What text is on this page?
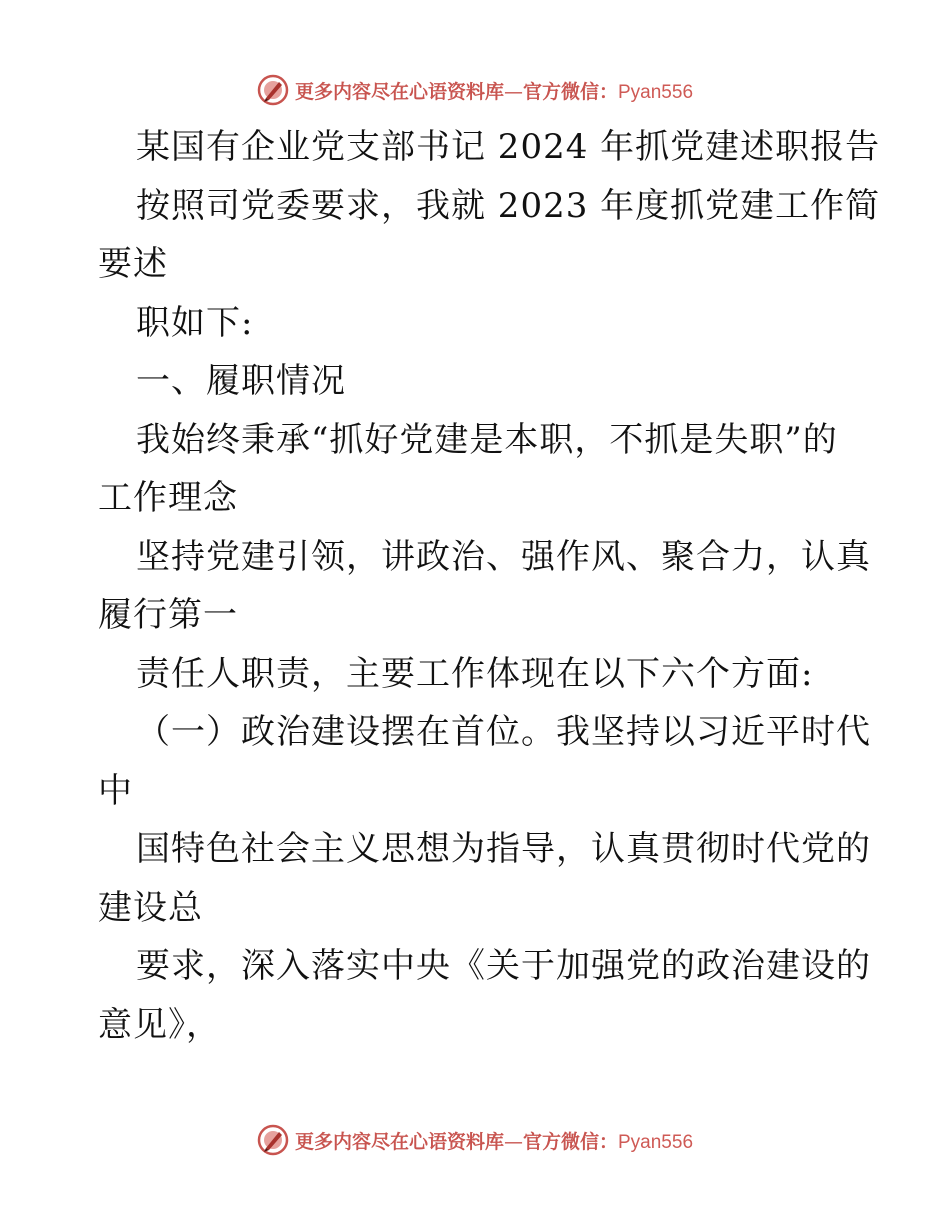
更多内容尽在心语资料库—官方微信：Pyan556
某国有企业党支部书记 2024 年抓党建述职报告
按照司党委要求，我就 2023 年度抓党建工作简
要述
职如下:
一、履职情况
我始终秉承“抓好党建是本职，不抓是失职”的
工作理念
坚持党建引领，讲政治、强作风、聚合力，认真
履行第一
责任人职责，主要工作体现在以下六个方面:
（一）政治建设摆在首位。我坚持以习近平时代
中
国特色社会主义思想为指导，认真贯彻时代党的
建设总
要求，深入落实中央《关于加强党的政治建设的
意见》，
更多内容尽在心语资料库—官方微信：Pyan556
